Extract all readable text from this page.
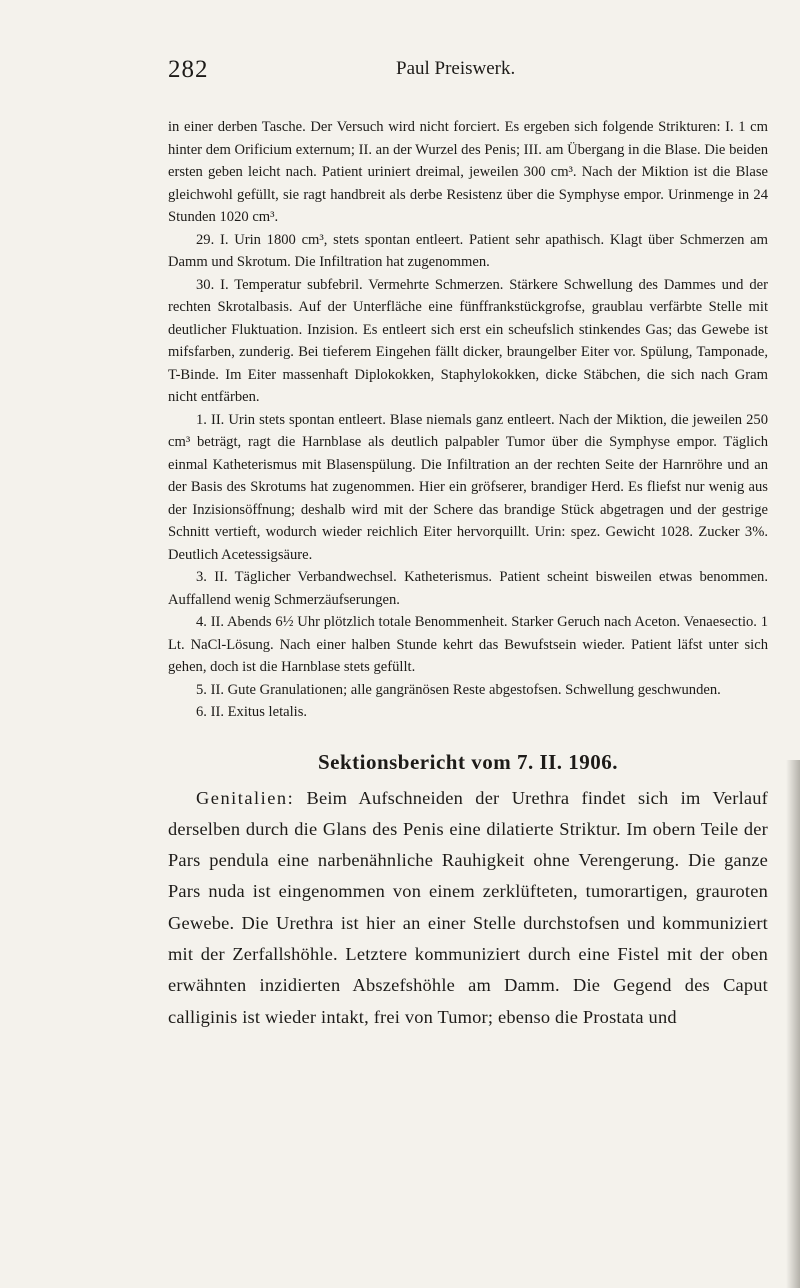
282	Paul Preiswerk.

in einer derben Tasche. Der Versuch wird nicht forciert. Es ergeben sich folgende Strikturen: I. 1 cm hinter dem Orificium externum; II. an der Wurzel des Penis; III. am Übergang in die Blase. Die beiden ersten geben leicht nach. Patient uriniert dreimal, jeweilen 300 cm³. Nach der Miktion ist die Blase gleichwohl gefüllt, sie ragt handbreit als derbe Resistenz über die Symphyse empor. Urinmenge in 24 Stunden 1020 cm³.

29. I. Urin 1800 cm³, stets spontan entleert. Patient sehr apathisch. Klagt über Schmerzen am Damm und Skrotum. Die Infiltration hat zugenommen.

30. I. Temperatur subfebril. Vermehrte Schmerzen. Stärkere Schwellung des Dammes und der rechten Skrotalbasis. Auf der Unterfläche eine fünffrankstückgrofse, graublau verfärbte Stelle mit deutlicher Fluktuation. Inzision. Es entleert sich erst ein scheufslich stinkendes Gas; das Gewebe ist mifsfarben, zunderig. Bei tieferem Eingehen fällt dicker, braungelber Eiter vor. Spülung, Tamponade, T-Binde. Im Eiter massenhaft Diplokokken, Staphylokokken, dicke Stäbchen, die sich nach Gram nicht entfärben.

1. II. Urin stets spontan entleert. Blase niemals ganz entleert. Nach der Miktion, die jeweilen 250 cm³ beträgt, ragt die Harnblase als deutlich palpabler Tumor über die Symphyse empor. Täglich einmal Katheterismus mit Blasenspülung. Die Infiltration an der rechten Seite der Harnröhre und an der Basis des Skrotums hat zugenommen. Hier ein gröfserer, brandiger Herd. Es fliefst nur wenig aus der Inzisionsöffnung; deshalb wird mit der Schere das brandige Stück abgetragen und der gestrige Schnitt vertieft, wodurch wieder reichlich Eiter hervorquillt. Urin: spez. Gewicht 1028. Zucker 3%. Deutlich Acetessigsäure.

3. II. Täglicher Verbandwechsel. Katheterismus. Patient scheint bisweilen etwas benommen. Auffallend wenig Schmerzäufserungen.

4. II. Abends 6½ Uhr plötzlich totale Benommenheit. Starker Geruch nach Aceton. Venaesectio. 1 Lt. NaCl-Lösung. Nach einer halben Stunde kehrt das Bewufstsein wieder. Patient läfst unter sich gehen, doch ist die Harnblase stets gefüllt.

5. II. Gute Granulationen; alle gangränösen Reste abgestofsen. Schwellung geschwunden.

6. II. Exitus letalis.

Sektionsbericht vom 7. II. 1906.

Genitalien: Beim Aufschneiden der Urethra findet sich im Verlauf derselben durch die Glans des Penis eine dilatierte Striktur. Im obern Teile der Pars pendula eine narbenähnliche Rauhigkeit ohne Verengerung. Die ganze Pars nuda ist eingenommen von einem zerklüfteten, tumorartigen, grauroten Gewebe. Die Urethra ist hier an einer Stelle durchstofsen und kommuniziert mit der Zerfallshöhle. Letztere kommuniziert durch eine Fistel mit der oben erwähnten inzidierten Abszefshöhle am Damm. Die Gegend des Caput calliginis ist wieder intakt, frei von Tumor; ebenso die Prostata und
